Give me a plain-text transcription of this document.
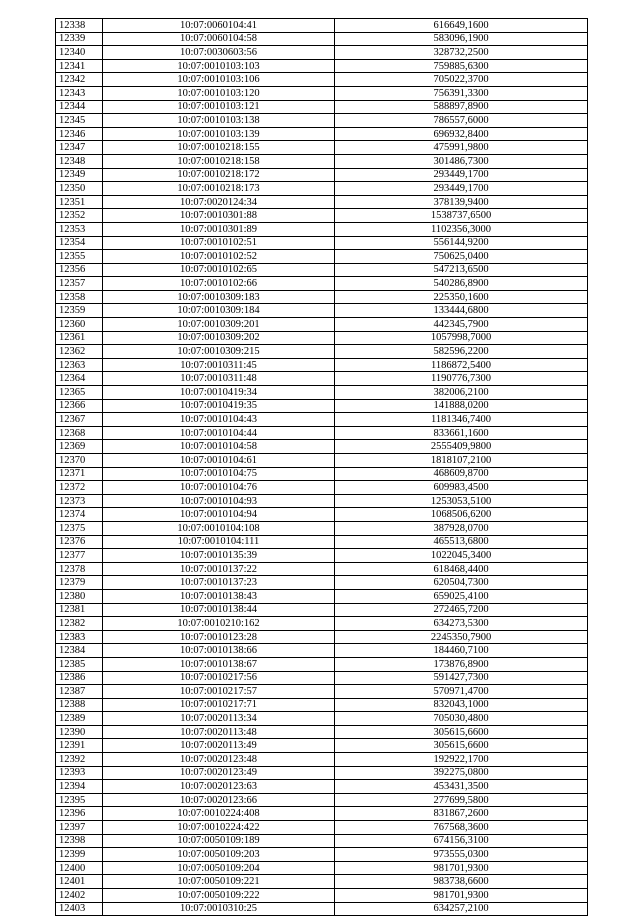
12338	10:07:0060104:41	616649,1600
12339	10:07:0060104:58	583096,1900
12340	10:07:0030603:56	328732,2500
12341	10:07:0010103:103	759885,6300
12342	10:07:0010103:106	705022,3700
12343	10:07:0010103:120	756391,3300
12344	10:07:0010103:121	588897,8900
12345	10:07:0010103:138	786557,6000
12346	10:07:0010103:139	696932,8400
12347	10:07:0010218:155	475991,9800
12348	10:07:0010218:158	301486,7300
12349	10:07:0010218:172	293449,1700
12350	10:07:0010218:173	293449,1700
12351	10:07:0020124:34	378139,9400
12352	10:07:0010301:88	1538737,6500
12353	10:07:0010301:89	1102356,3000
12354	10:07:0010102:51	556144,9200
12355	10:07:0010102:52	750625,0400
12356	10:07:0010102:65	547213,6500
12357	10:07:0010102:66	540286,8900
12358	10:07:0010309:183	225350,1600
12359	10:07:0010309:184	133444,6800
12360	10:07:0010309:201	442345,7900
12361	10:07:0010309:202	1057998,7000
12362	10:07:0010309:215	582596,2200
12363	10:07:0010311:45	1186872,5400
12364	10:07:0010311:48	1190776,7300
12365	10:07:0010419:34	382006,2100
12366	10:07:0010419:35	141888,0200
12367	10:07:0010104:43	1181346,7400
12368	10:07:0010104:44	833661,1600
12369	10:07:0010104:58	2555409,9800
12370	10:07:0010104:61	1818107,2100
12371	10:07:0010104:75	468609,8700
12372	10:07:0010104:76	609983,4500
12373	10:07:0010104:93	1253053,5100
12374	10:07:0010104:94	1068506,6200
12375	10:07:0010104:108	387928,0700
12376	10:07:0010104:111	465513,6800
12377	10:07:0010135:39	1022045,3400
12378	10:07:0010137:22	618468,4400
12379	10:07:0010137:23	620504,7300
12380	10:07:0010138:43	659025,4100
12381	10:07:0010138:44	272465,7200
12382	10:07:0010210:162	634273,5300
12383	10:07:0010123:28	2245350,7900
12384	10:07:0010138:66	184460,7100
12385	10:07:0010138:67	173876,8900
12386	10:07:0010217:56	591427,7300
12387	10:07:0010217:57	570971,4700
12388	10:07:0010217:71	832043,1000
12389	10:07:0020113:34	705030,4800
12390	10:07:0020113:48	305615,6600
12391	10:07:0020113:49	305615,6600
12392	10:07:0020123:48	192922,1700
12393	10:07:0020123:49	392275,0800
12394	10:07:0020123:63	453431,3500
12395	10:07:0020123:66	277699,5800
12396	10:07:0010224:408	831867,2600
12397	10:07:0010224:422	767568,3600
12398	10:07:0050109:189	674156,3100
12399	10:07:0050109:203	973555,0300
12400	10:07:0050109:204	981701,9300
12401	10:07:0050109:221	983738,6600
12402	10:07:0050109:222	981701,9300
12403	10:07:0010310:25	634257,2100
